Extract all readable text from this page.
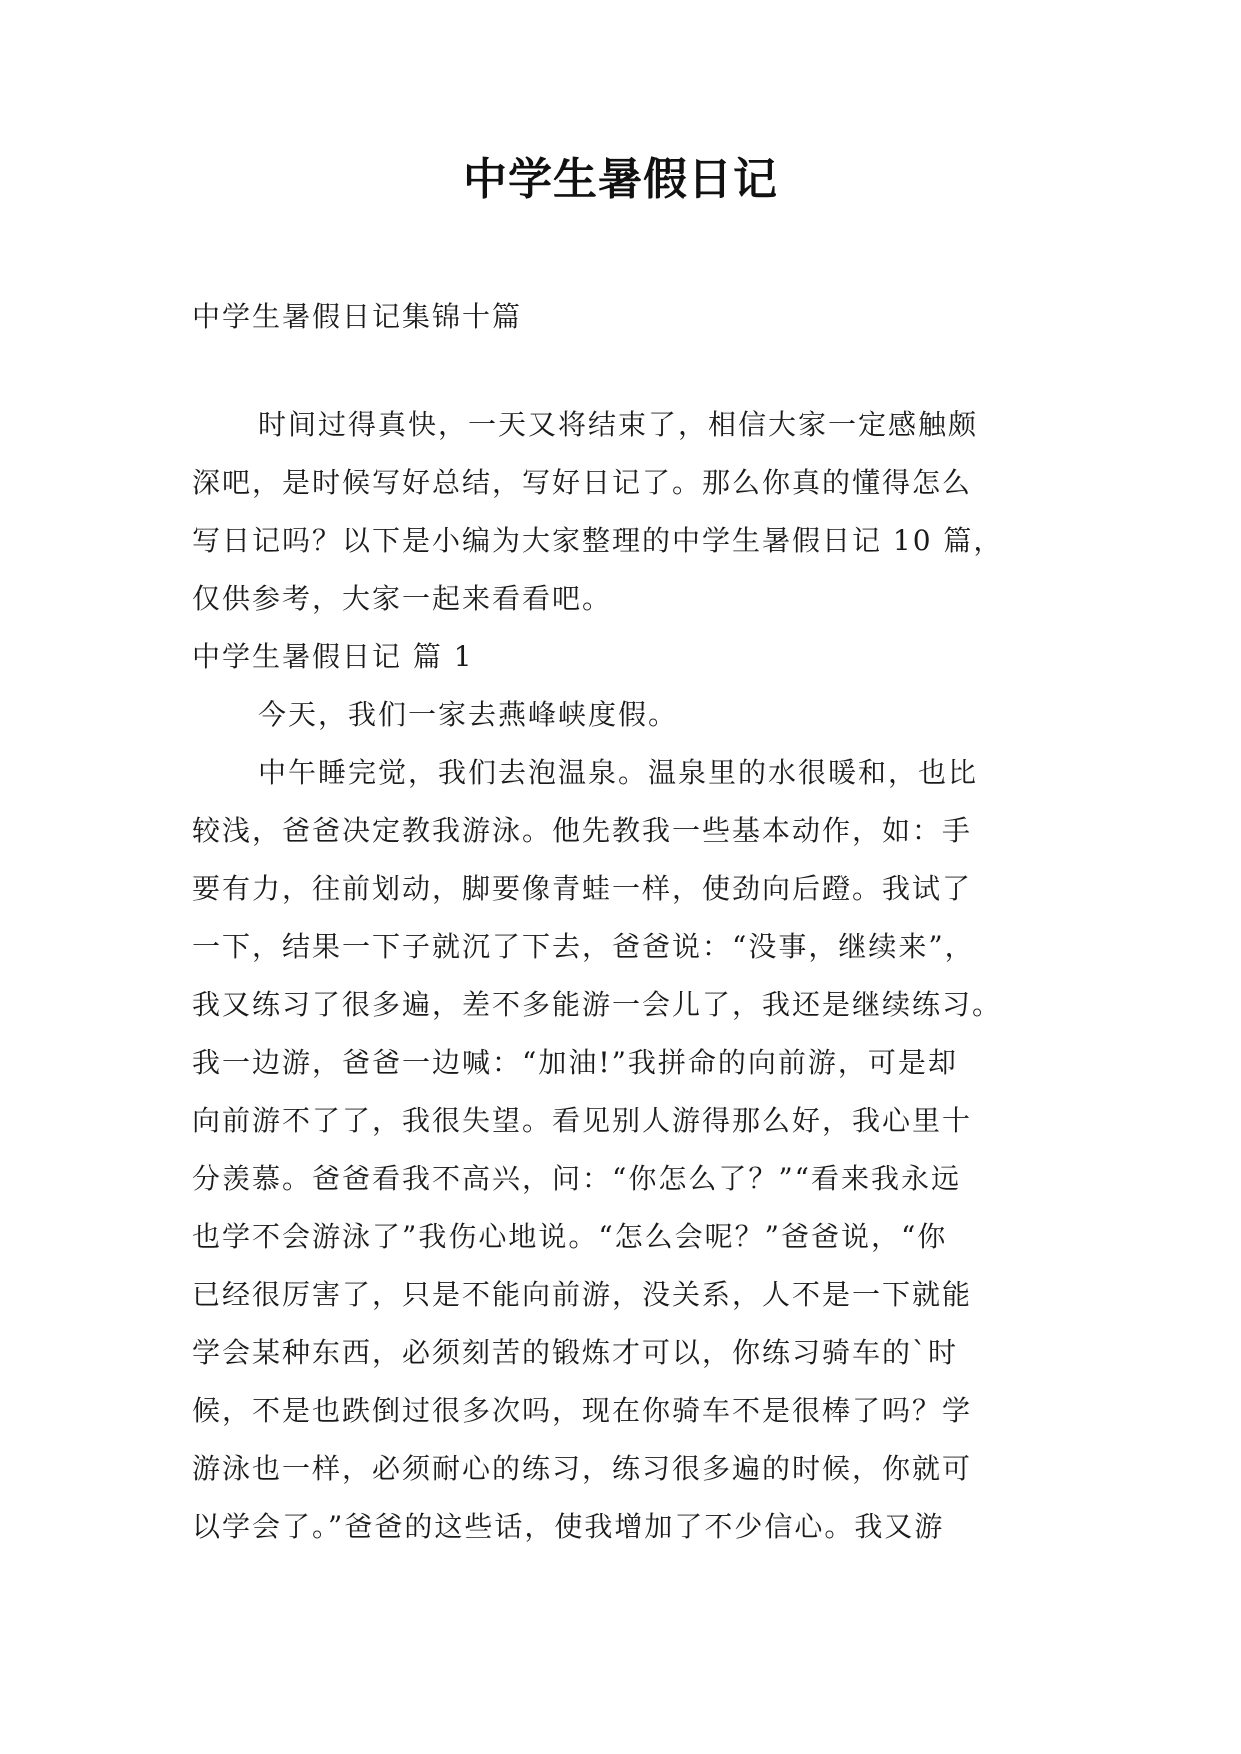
中学生暑假日记
中学生暑假日记集锦十篇
时间过得真快，一天又将结束了，相信大家一定感触颇
深吧，是时候写好总结，写好日记了。那么你真的懂得怎么
写日记吗？以下是小编为大家整理的中学生暑假日记 10 篇，
仅供参考，大家一起来看看吧。
中学生暑假日记 篇 1
今天，我们一家去燕峰峡度假。
中午睡完觉，我们去泡温泉。温泉里的水很暖和，也比
较浅，爸爸决定教我游泳。他先教我一些基本动作，如：手
要有力，往前划动，脚要像青蛙一样，使劲向后蹬。我试了
一下，结果一下子就沉了下去，爸爸说：“没事，继续来”，
我又练习了很多遍，差不多能游一会儿了，我还是继续练习。
我一边游，爸爸一边喊：“加油!”我拼命的向前游，可是却
向前游不了了，我很失望。看见别人游得那么好，我心里十
分羡慕。爸爸看我不高兴，问：“你怎么了？”“看来我永远
也学不会游泳了”我伤心地说。“怎么会呢？”爸爸说，“你
已经很厉害了，只是不能向前游，没关系，人不是一下就能
学会某种东西，必须刻苦的锻炼才可以，你练习骑车的`时
候，不是也跌倒过很多次吗，现在你骑车不是很棒了吗？学
游泳也一样，必须耐心的练习，练习很多遍的时候，你就可
以学会了。”爸爸的这些话，使我增加了不少信心。我又游
